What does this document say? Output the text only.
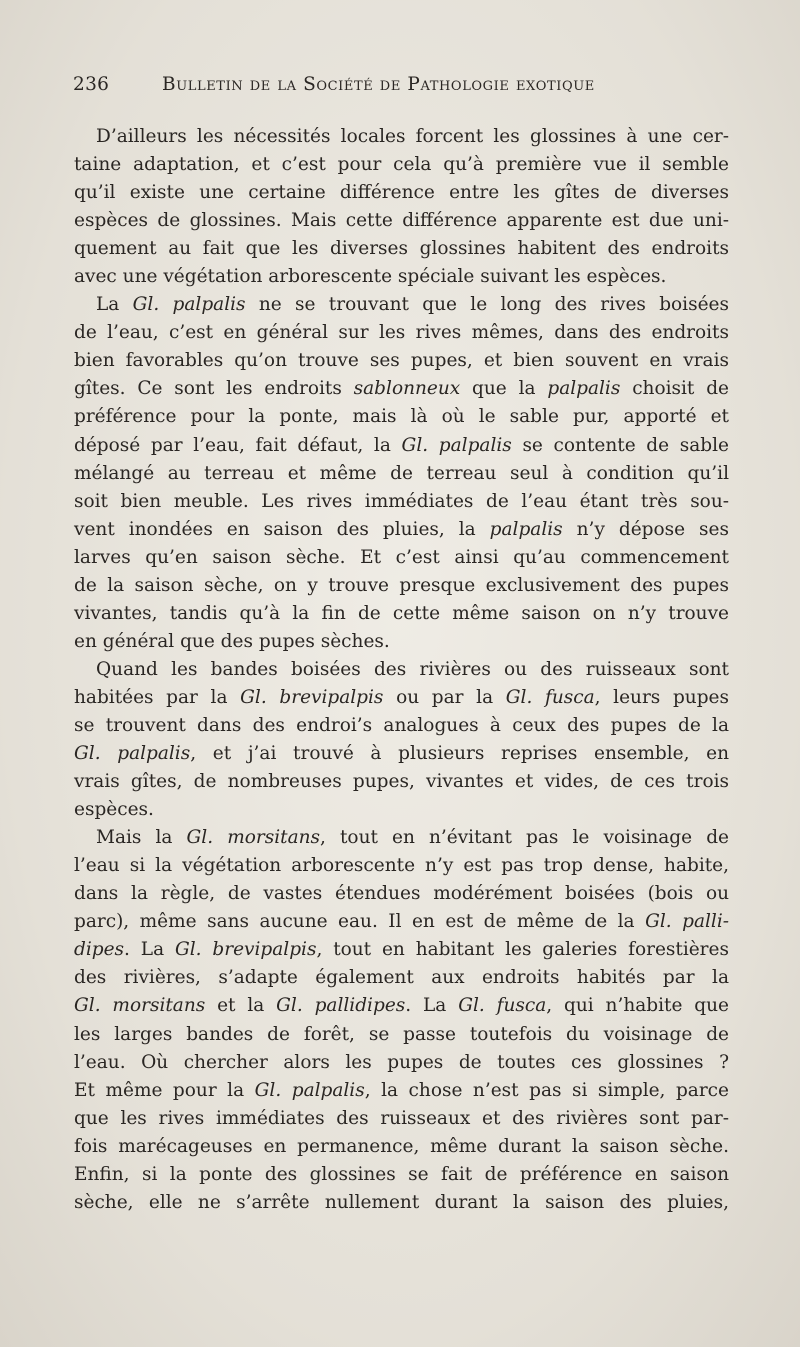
236	Bulletin de la Société de Pathologie exotique
D’ailleurs les nécessités locales forcent les glossines à une cer-
taine adaptation, et c’est pour cela qu’à première vue il semble
qu’il existe une certaine différence entre les gîtes de diverses
espèces de glossines. Mais cette différence apparente est due uni-
quement au fait que les diverses glossines habitent des endroits
avec une végétation arborescente spéciale suivant les espèces.
La Gl. palpalis ne se trouvant que le long des rives boisées
de l’eau, c’est en général sur les rives mêmes, dans des endroits
bien favorables qu’on trouve ses pupes, et bien souvent en vrais
gîtes. Ce sont les endroits sablonneux que la palpalis choisit de
préférence pour la ponte, mais là où le sable pur, apporté et
déposé par l’eau, fait défaut, la Gl. palpalis se contente de sable
mélangé au terreau et même de terreau seul à condition qu’il
soit bien meuble. Les rives immédiates de l’eau étant très sou-
vent inondées en saison des pluies, la palpalis n’y dépose ses
larves qu’en saison sèche. Et c’est ainsi qu’au commencement
de la saison sèche, on y trouve presque exclusivement des pupes
vivantes, tandis qu’à la fin de cette même saison on n’y trouve
en général que des pupes sèches.
Quand les bandes boisées des rivières ou des ruisseaux sont
habitées par la Gl. brevipalpis ou par la Gl. fusca, leurs pupes
se trouvent dans des endroi’s analogues à ceux des pupes de la
Gl. palpalis, et j’ai trouvé à plusieurs reprises ensemble, en
vrais gîtes, de nombreuses pupes, vivantes et vides, de ces trois
espèces.
Mais la Gl. morsitans, tout en n’évitant pas le voisinage de
l’eau si la végétation arborescente n’y est pas trop dense, habite,
dans la règle, de vastes étendues modérément boisées (bois ou
parc), même sans aucune eau. Il en est de même de la Gl. palli-
dipes. La Gl. brevipalpis, tout en habitant les galeries forestières
des rivières, s’adapte également aux endroits habités par la
Gl. morsitans et la Gl. pallidipes. La Gl. fusca, qui n’habite que
les larges bandes de forêt, se passe toutefois du voisinage de
l’eau. Où chercher alors les pupes de toutes ces glossines ?
Et même pour la Gl. palpalis, la chose n’est pas si simple, parce
que les rives immédiates des ruisseaux et des rivières sont par-
fois marécageuses en permanence, même durant la saison sèche.
Enfin, si la ponte des glossines se fait de préférence en saison
sèche, elle ne s’arrête nullement durant la saison des pluies,
